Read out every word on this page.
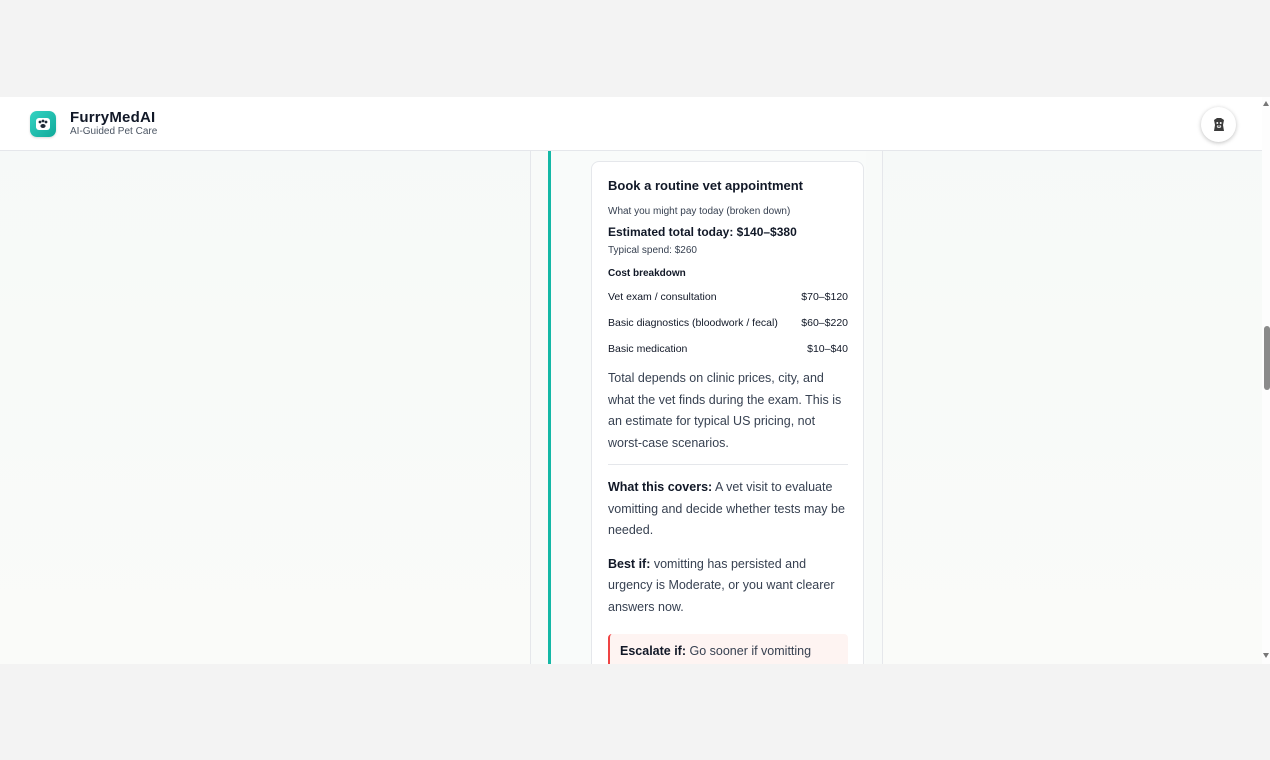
FurryMedAI
AI-Guided Pet Care
Book a routine vet appointment
What you might pay today (broken down)
Estimated total today: $140–$380
Typical spend: $260
Cost breakdown
Vet exam / consultation	$70–$120
Basic diagnostics (bloodwork / fecal) $60–$220
Basic medication	$10–$40

Total depends on clinic prices, city, and what the vet finds during the exam. This is an estimate for typical US pricing, not worst-case scenarios.

What this covers: A vet visit to evaluate vomitting and decide whether tests may be needed.

Best if: vomitting has persisted and urgency is Moderate, or you want clearer answers now.

Escalate if: Go sooner if vomitting
